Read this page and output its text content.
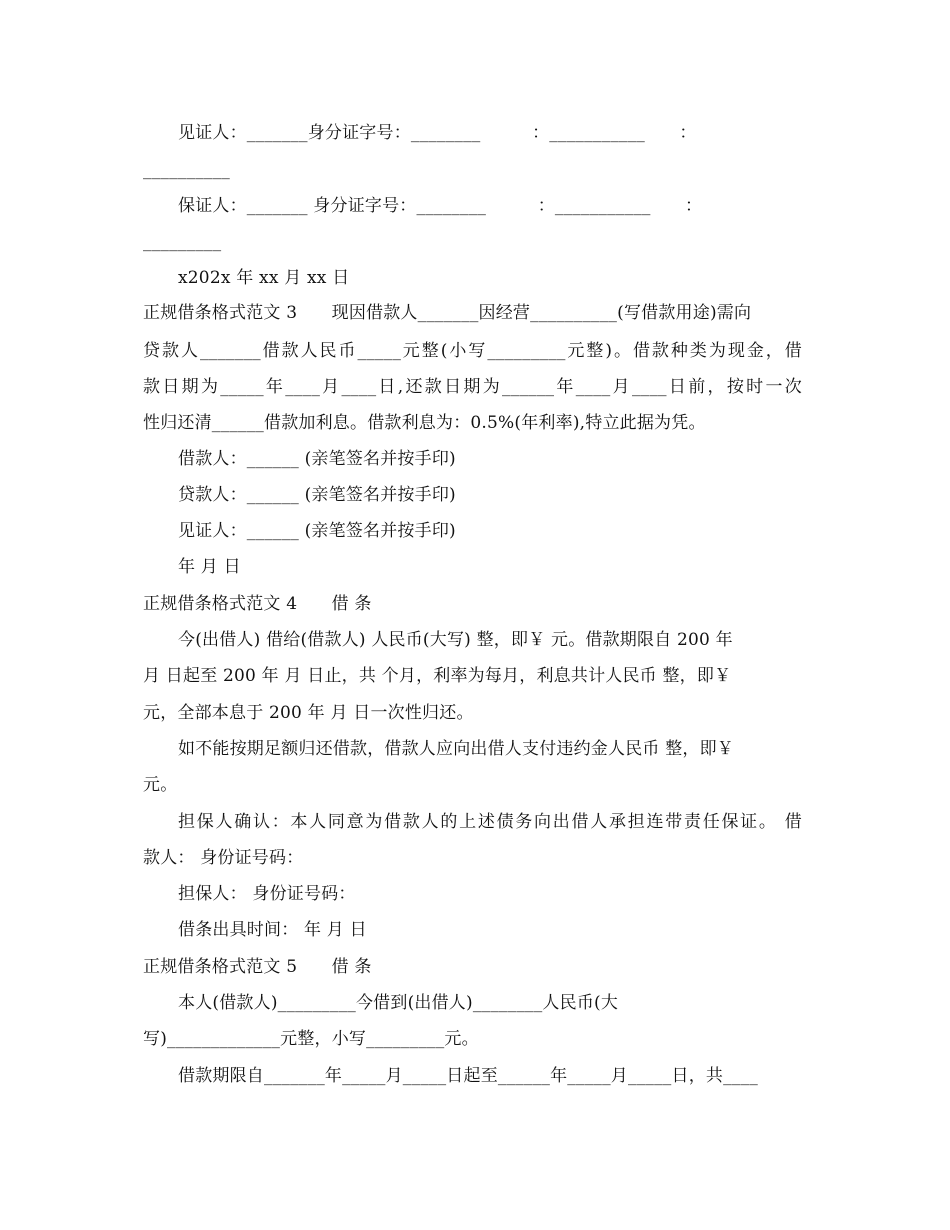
见证人：_______身分证字号：________　　　：___________　　：
__________
保证人：_______ 身分证字号：________　　　：___________　　：
_________
x202x 年 xx 月 xx 日
正规借条格式范文 3　　现因借款人_______因经营__________(写借款用途)需向
贷款人_______借款人民币_____元整(小写_________元整)。借款种类为现金，借
款日期为_____年____月____日,还款日期为______年____月____日前，按时一次
性归还清______借款加利息。借款利息为：0.5%(年利率),特立此据为凭。
借款人：______ (亲笔签名并按手印)
贷款人：______ (亲笔签名并按手印)
见证人：______ (亲笔签名并按手印)
年 月 日
正规借条格式范文 4　　借 条
今(出借人) 借给(借款人) 人民币(大写) 整，即￥ 元。借款期限自 200 年
月 日起至 200 年 月 日止，共 个月，利率为每月，利息共计人民币 整，即￥
元，全部本息于 200 年 月 日一次性归还。
如不能按期足额归还借款，借款人应向出借人支付违约金人民币 整，即￥
元。
担保人确认：本人同意为借款人的上述债务向出借人承担连带责任保证。 借
款人： 身份证号码：
担保人： 身份证号码：
借条出具时间： 年 月 日
正规借条格式范文 5　　借 条
本人(借款人)_________今借到(出借人)________人民币(大
写)_____________元整，小写_________元。
借款期限自_______年_____月_____日起至______年_____月_____日，共____
